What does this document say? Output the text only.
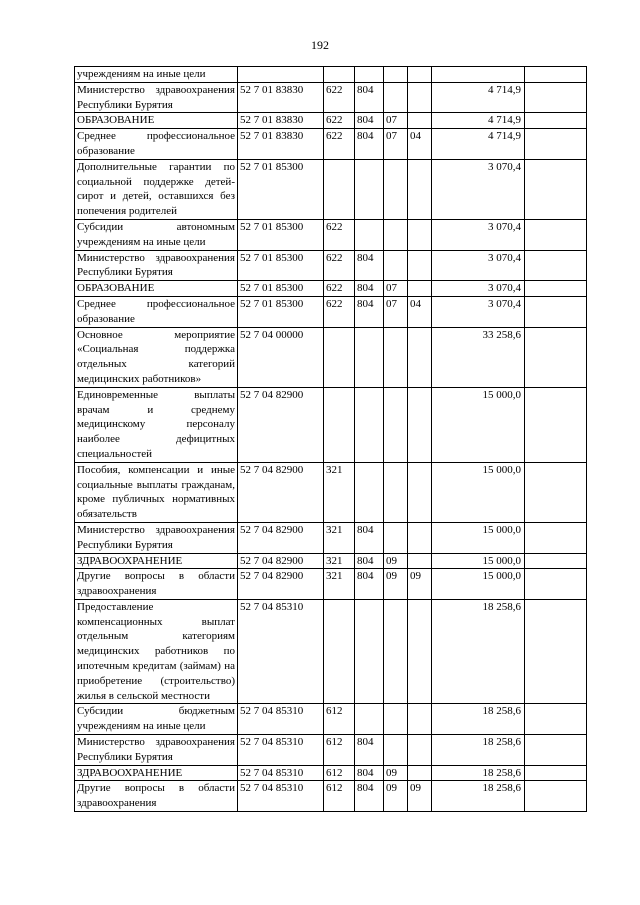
192
учреждениям на иные цели							
Министерство здравоохранения Республики Бурятия	52 7 01 83830	622	804			4 714,9	
ОБРАЗОВАНИЕ	52 7 01 83830	622	804	07		4 714,9	
Среднее профессиональное образование	52 7 01 83830	622	804	07	04	4 714,9	
Дополнительные гарантии по социальной поддержке детей-сирот и детей, оставшихся без попечения родителей	52 7 01 85300					3 070,4	
Субсидии автономным учреждениям на иные цели	52 7 01 85300	622				3 070,4	
Министерство здравоохранения Республики Бурятия	52 7 01 85300	622	804			3 070,4	
ОБРАЗОВАНИЕ	52 7 01 85300	622	804	07		3 070,4	
Среднее профессиональное образование	52 7 01 85300	622	804	07	04	3 070,4	
Основное мероприятие «Социальная поддержка отдельных категорий медицинских работников»	52 7 04 00000					33 258,6	
Единовременные выплаты врачам и среднему медицинскому персоналу наиболее дефицитных специальностей	52 7 04 82900					15 000,0	
Пособия, компенсации и иные социальные выплаты гражданам, кроме публичных нормативных обязательств	52 7 04 82900	321				15 000,0	
Министерство здравоохранения Республики Бурятия	52 7 04 82900	321	804			15 000,0	
ЗДРАВООХРАНЕНИЕ	52 7 04 82900	321	804	09		15 000,0	
Другие вопросы в области здравоохранения	52 7 04 82900	321	804	09	09	15 000,0	
Предоставление компенсационных выплат отдельным категориям медицинских работников по ипотечным кредитам (займам) на приобретение (строительство) жилья в сельской местности	52 7 04 85310					18 258,6	
Субсидии бюджетным учреждениям на иные цели	52 7 04 85310	612				18 258,6	
Министерство здравоохранения Республики Бурятия	52 7 04 85310	612	804			18 258,6	
ЗДРАВООХРАНЕНИЕ	52 7 04 85310	612	804	09		18 258,6	
Другие вопросы в области здравоохранения	52 7 04 85310	612	804	09	09	18 258,6	
